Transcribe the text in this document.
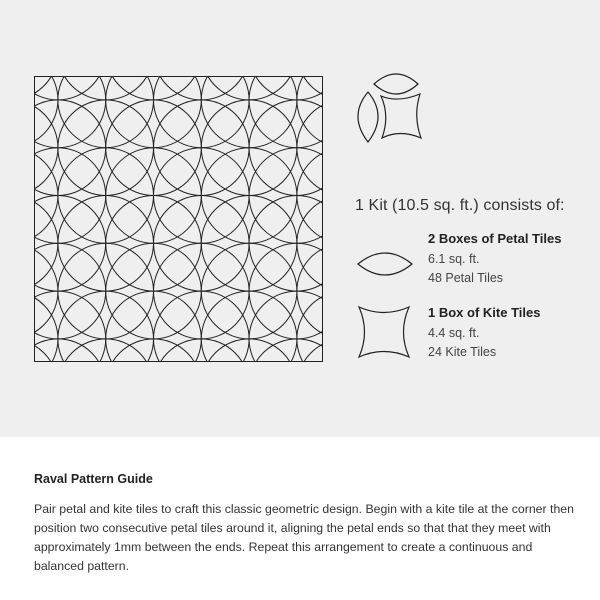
1 Kit (10.5 sq. ft.) consists of:
2 Boxes of Petal Tiles
6.1 sq. ft.
48 Petal Tiles
1 Box of Kite Tiles
4.4 sq. ft.
24 Kite Tiles
Raval Pattern Guide
Pair petal and kite tiles to craft this classic geometric design. Begin with a kite tile at the corner then position two consecutive petal tiles around it, aligning the petal ends so that that they meet with approximately 1mm between the ends. Repeat this arrangement to create a continuous and balanced pattern.
